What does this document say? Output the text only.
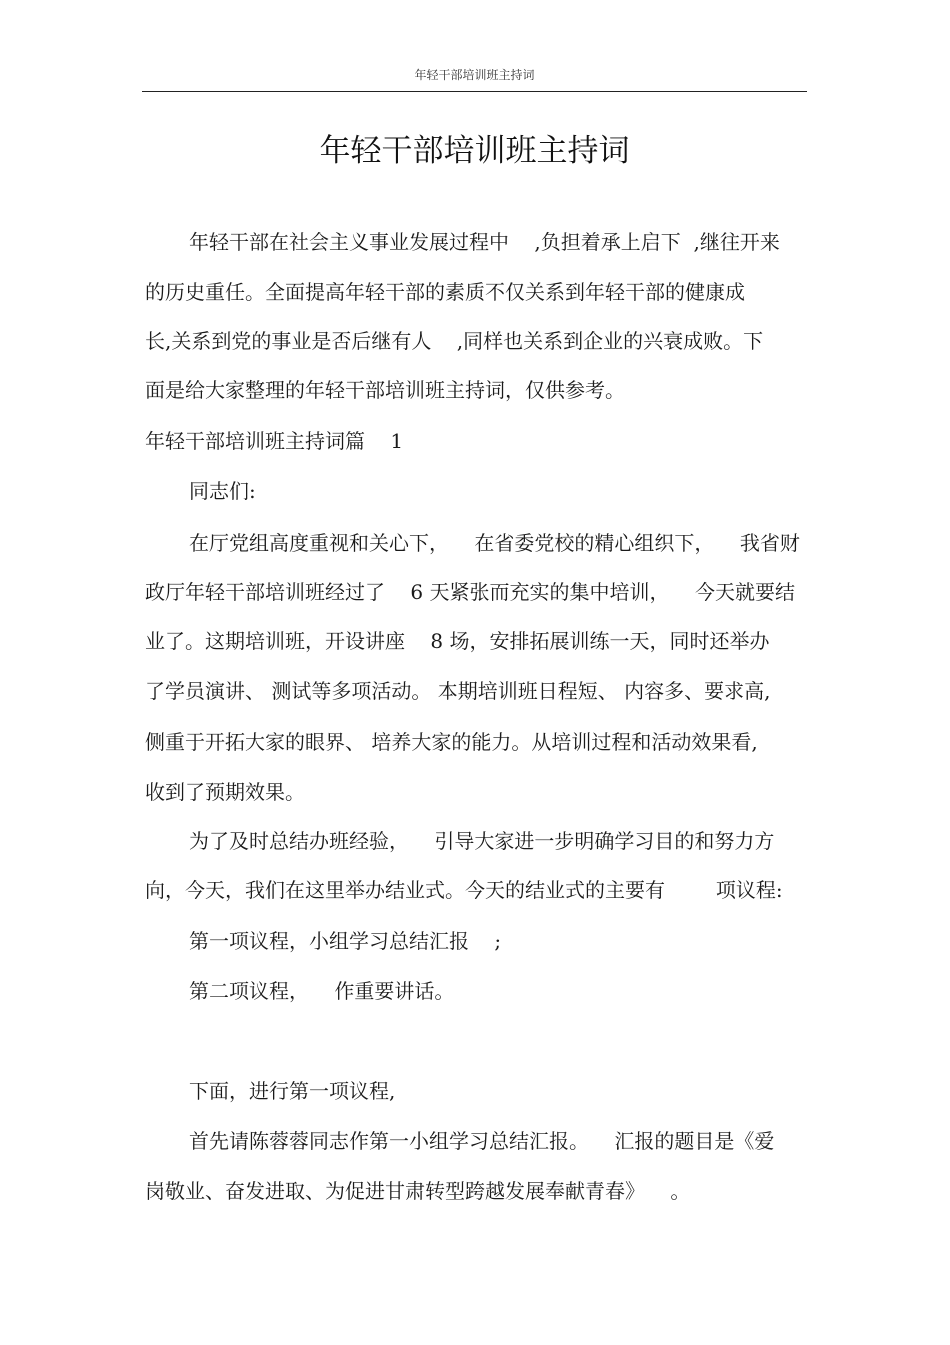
年轻干部培训班主持词
年轻干部培训班主持词
年轻干部在社会主义事业发展过程中    ,负担着承上启下  ,继往开来
的历史重任。全面提高年轻干部的素质不仅关系到年轻干部的健康成
长,关系到党的事业是否后继有人    ,同样也关系到企业的兴衰成败。下
面是给大家整理的年轻干部培训班主持词，仅供参考。
年轻干部培训班主持词篇    1
同志们:
在厅党组高度重视和关心下，    在省委党校的精心组织下，    我省财
政厅年轻干部培训班经过了    6 天紧张而充实的集中培训，    今天就要结
业了。这期培训班，开设讲座    8 场，安排拓展训练一天，同时还举办
了学员演讲、 测试等多项活动。 本期培训班日程短、 内容多、要求高,
侧重于开拓大家的眼界、 培养大家的能力。从培训过程和活动效果看,
收到了预期效果。
为了及时总结办班经验，    引导大家进一步明确学习目的和努力方
向，今天，我们在这里举办结业式。今天的结业式的主要有        项议程:
第一项议程，小组学习总结汇报    ;
第二项议程，    作重要讲话。
下面，进行第一项议程,
首先请陈蓉蓉同志作第一小组学习总结汇报。    汇报的题目是《爱
岗敬业、奋发进取、为促进甘肃转型跨越发展奉献青春》    。
